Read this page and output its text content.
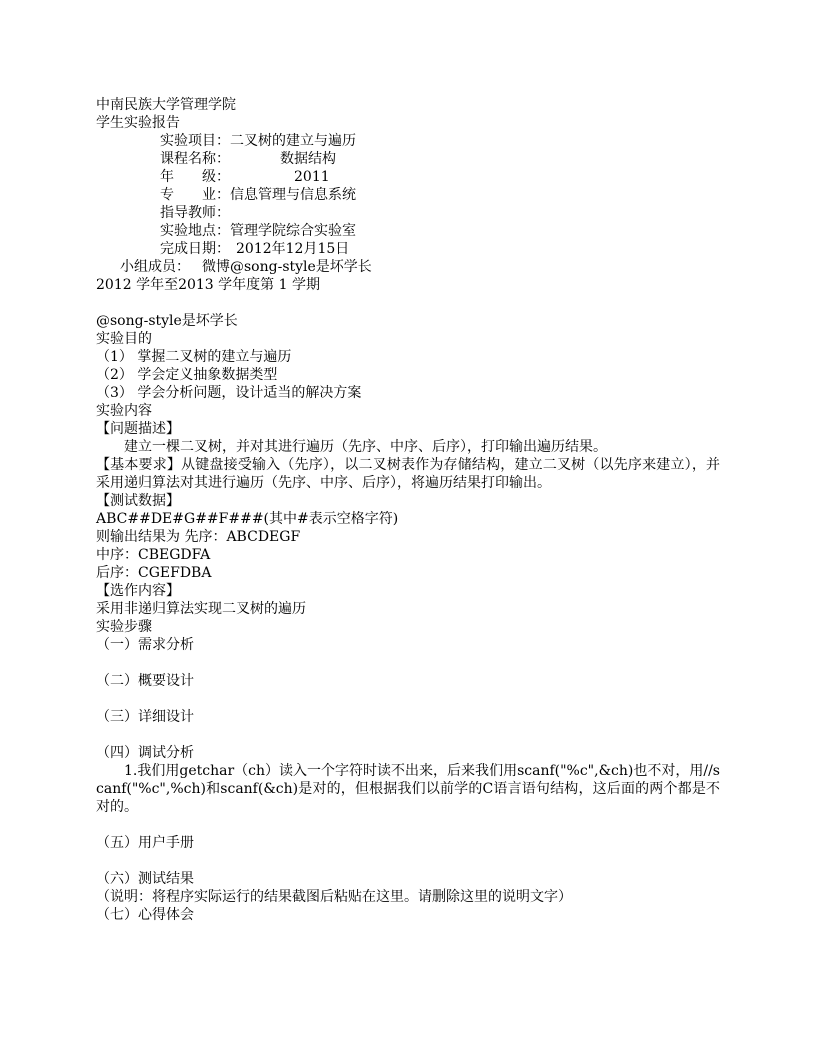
中南民族大学管理学院
学生实验报告
实验项目：二叉树的建立与遍历
课程名称：	数据结构
年　　级：	2011
专　　业：信息管理与信息系统
指导教师：
实验地点：管理学院综合实验室
完成日期： 2012年12月15日
小组成员： 微博@song-style是坏学长
2012 学年至2013 学年度第 1 学期
@song-style是坏学长
实验目的
（1） 掌握二叉树的建立与遍历
（2） 学会定义抽象数据类型
（3） 学会分析问题，设计适当的解决方案
实验内容
【问题描述】
建立一棵二叉树，并对其进行遍历（先序、中序、后序），打印输出遍历结果。
【基本要求】从键盘接受输入（先序），以二叉树表作为存储结构，建立二叉树（以先序来建立），并采用递归算法对其进行遍历（先序、中序、后序），将遍历结果打印输出。
【测试数据】
ABC##DE#G##F###(其中#表示空格字符)
则输出结果为 先序：ABCDEGF
中序：CBEGDFA
后序：CGEFDBA
【选作内容】
采用非递归算法实现二叉树的遍历
实验步骤
（一）需求分析
（二）概要设计
（三）详细设计
（四）调试分析
1.我们用getchar（ch）读入一个字符时读不出来，后来我们用scanf("%c",&ch)也不对，用//scanf("%c",%ch)和scanf(&ch)是对的，但根据我们以前学的C语言语句结构，这后面的两个都是不对的。
（五）用户手册
（六）测试结果
（说明：将程序实际运行的结果截图后粘贴在这里。请删除这里的说明文字）
（七）心得体会
